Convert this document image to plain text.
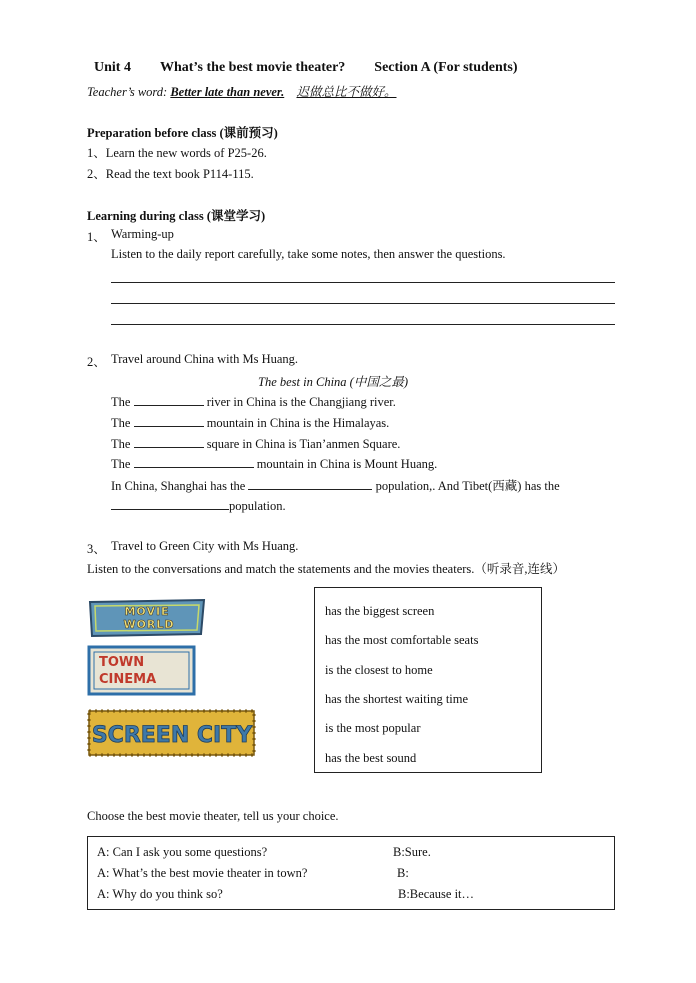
Unit 4 What’s the best movie theater? Section A (For students)
Teacher’s word: Better late than never. 迟做总比不做好。
Preparation before class (课前预习)
1、Learn the new words of P25-26.
2、Read the text book P114-115.
Learning during class (课堂学习)
1、 Warming-up
Listen to the daily report carefully, take some notes, then answer the questions.
2、 Travel around China with Ms Huang.
The best in China (中国之最)
The	river in China is the Changjiang river.
The	mountain in China is the Himalayas.
The	square in China is Tian’anmen Square.
The	mountain in China is Mount Huang.
In China, Shanghai has the	population,. And Tibet(西藏) has the
population.
3、 Travel to Green City with Ms Huang.
Listen to the conversations and match the statements and the movies theaters.（听录音,连线）
MOVIE
WORLD
TOWN
CINEMA
SCREEN CITY
has the biggest screen
has the most comfortable seats
is the closest to home
has the shortest waiting time
is the most popular
has the best sound
Choose the best movie theater, tell us your choice.
A: Can I ask you some questions?	B:Sure.
A: What’s the best movie theater in town?	B:
A: Why do you think so?	B:Because it…
